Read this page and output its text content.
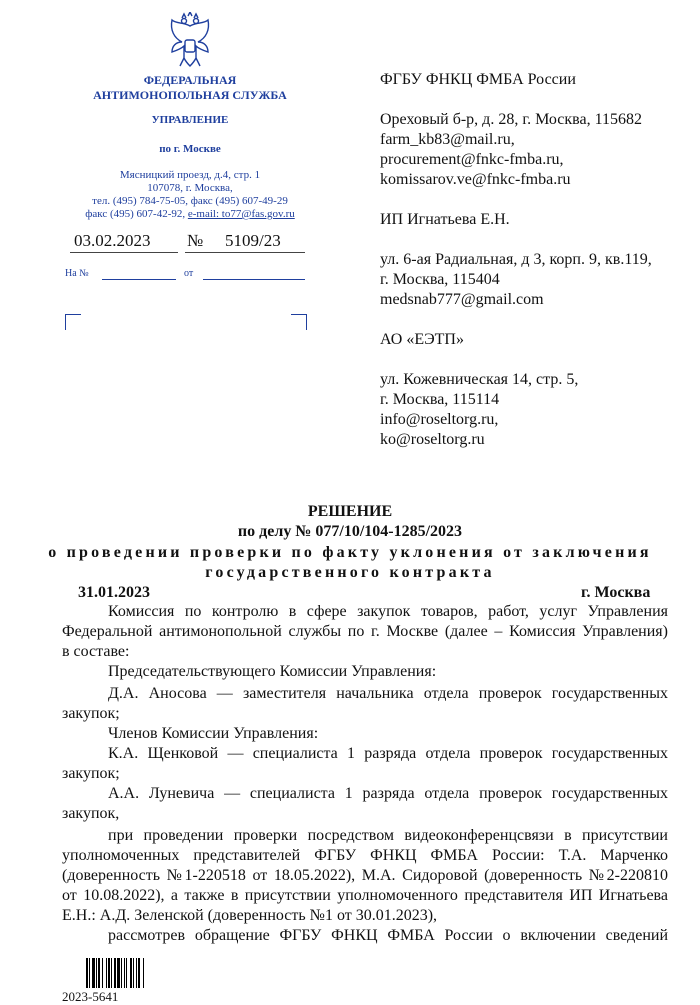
ФЕДЕРАЛЬНАЯ
АНТИМОНОПОЛЬНАЯ СЛУЖБА
УПРАВЛЕНИЕ
по г. Москве
Мясницкий проезд, д.4, стр. 1
107078, г. Москва,
тел. (495) 784-75-05, факс (495) 607-49-29
факс (495) 607-42-92, e-mail: to77@fas.gov.ru
03.02.2023 № 5109/23
На №	от
ФГБУ ФНКЦ ФМБА России
Ореховый б-р, д. 28, г. Москва, 115682
farm_kb83@mail.ru,
procurement@fnkc-fmba.ru,
komissarov.ve@fnkc-fmba.ru
ИП Игнатьева Е.Н.
ул. 6-ая Радиальная, д 3, корп. 9, кв.119,
г. Москва, 115404
medsnab777@gmail.com
АО «ЕЭТП»
ул. Кожевническая 14, стр. 5,
г. Москва, 115114
info@roseltorg.ru,
ko@roseltorg.ru
РЕШЕНИЕ
по делу № 077/10/104-1285/2023
о проведении проверки по факту уклонения от заключения
государственного контракта
31.01.2023	г. Москва
Комиссия по контролю в сфере закупок товаров, работ, услуг Управления
Федеральной антимонопольной службы по г. Москве (далее – Комиссия Управления)
в составе:
Председательствующего Комиссии Управления:
Д.А. Аносова — заместителя начальника отдела проверок государственных
закупок;
Членов Комиссии Управления:
К.А. Щенковой — специалиста 1 разряда отдела проверок государственных
закупок;
А.А. Луневича — специалиста 1 разряда отдела проверок государственных
закупок,
при проведении проверки посредством видеоконференцсвязи в присутствии
уполномоченных представителей ФГБУ ФНКЦ ФМБА России: Т.А. Марченко
(доверенность №1-220518 от 18.05.2022), М.А. Сидоровой (доверенность №2-220810
от 10.08.2022), а также в присутствии уполномоченного представителя ИП Игнатьева
Е.Н.: А.Д. Зеленской (доверенность №1 от 30.01.2023),
рассмотрев обращение ФГБУ ФНКЦ ФМБА России о включении сведений
2023-5641
